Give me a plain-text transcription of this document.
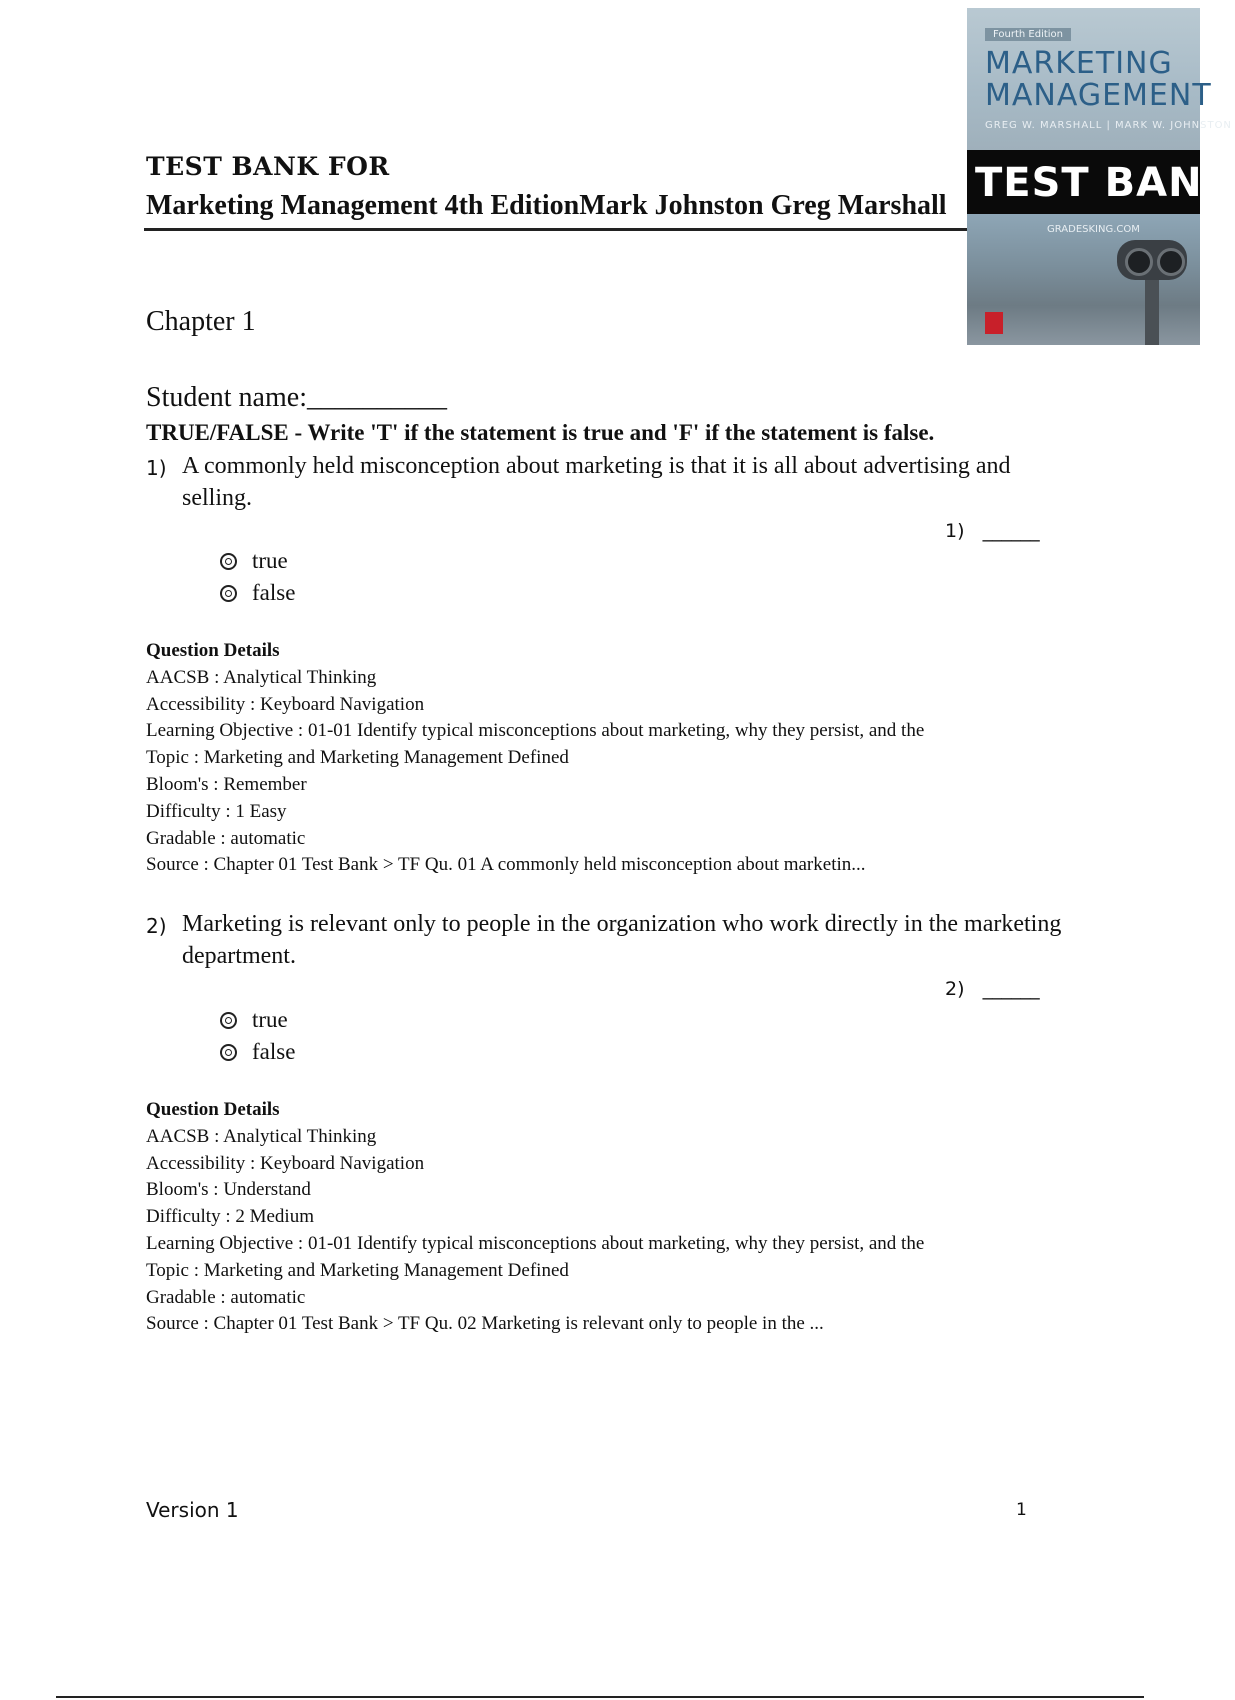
TEST BANK FOR
Marketing Management 4th EditionMark Johnston Greg Marshall
Fourth Edition
MARKETING
MANAGEMENT
GREG W. MARSHALL | MARK W. JOHNSTON
TEST BANK
GRADESKING.COM
Chapter 1
Student name:__________
TRUE/FALSE - Write 'T' if the statement is true and 'F' if the statement is false.
1) A commonly held misconception about marketing is that it is all about advertising and selling.
1) ______
true
false
Question Details
AACSB : Analytical Thinking
Accessibility : Keyboard Navigation
Learning Objective : 01-01 Identify typical misconceptions about marketing, why they persist, and the
Topic : Marketing and Marketing Management Defined
Bloom's : Remember
Difficulty : 1 Easy
Gradable : automatic
Source : Chapter 01 Test Bank > TF Qu. 01 A commonly held misconception about marketin...
2) Marketing is relevant only to people in the organization who work directly in the marketing department.
2) ______
true
false
Question Details
AACSB : Analytical Thinking
Accessibility : Keyboard Navigation
Bloom's : Understand
Difficulty : 2 Medium
Learning Objective : 01-01 Identify typical misconceptions about marketing, why they persist, and the
Topic : Marketing and Marketing Management Defined
Gradable : automatic
Source : Chapter 01 Test Bank > TF Qu. 02 Marketing is relevant only to people in the ...
Version 1	1
